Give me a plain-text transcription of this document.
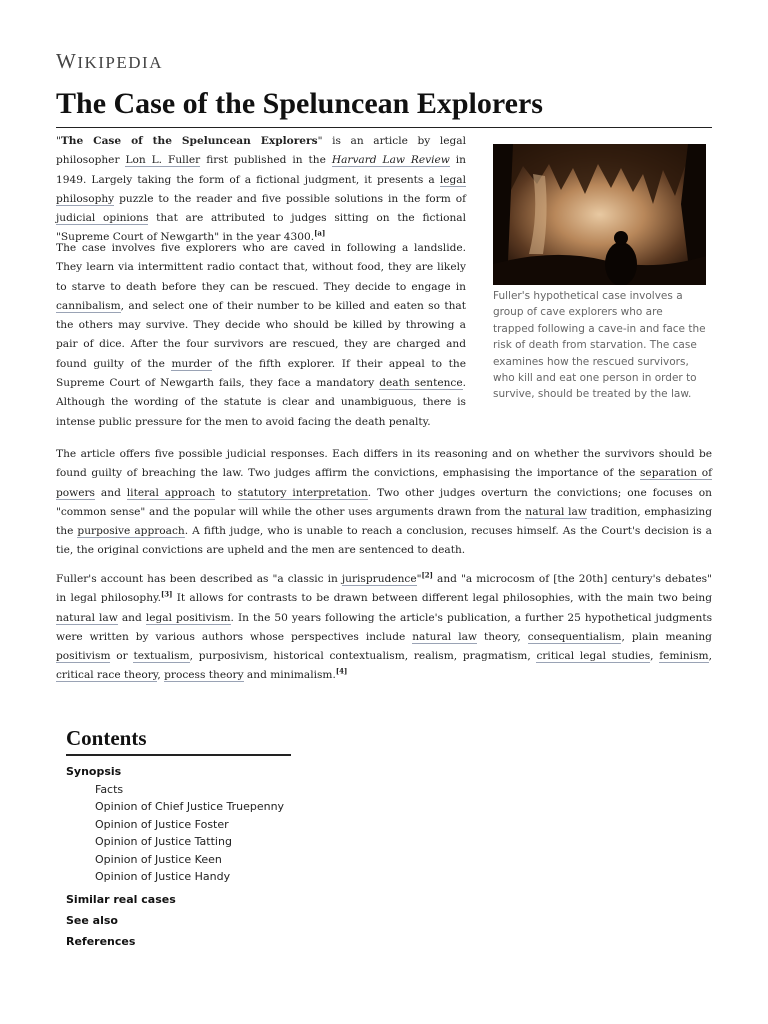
WIKIPEDIA
The Case of the Speluncean Explorers

"The Case of the Speluncean Explorers" is an article by legal philosopher Lon L. Fuller first published in the Harvard Law Review in 1949. Largely taking the form of a fictional judgment, it presents a legal philosophy puzzle to the reader and five possible solutions in the form of judicial opinions that are attributed to judges sitting on the fictional "Supreme Court of Newgarth" in the year 4300.[a]

The case involves five explorers who are caved in following a landslide. They learn via intermittent radio contact that, without food, they are likely to starve to death before they can be rescued. They decide to engage in cannibalism, and select one of their number to be killed and eaten so that the others may survive. They decide who should be killed by throwing a pair of dice. After the four survivors are rescued, they are charged and found guilty of the murder of the fifth explorer. If their appeal to the Supreme Court of Newgarth fails, they face a mandatory death sentence. Although the wording of the statute is clear and unambiguous, there is intense public pressure for the men to avoid facing the death penalty.

Fuller's hypothetical case involves a group of cave explorers who are trapped following a cave-in and face the risk of death from starvation. The case examines how the rescued survivors, who kill and eat one person in order to survive, should be treated by the law.

The article offers five possible judicial responses. Each differs in its reasoning and on whether the survivors should be found guilty of breaching the law. Two judges affirm the convictions, emphasising the importance of the separation of powers and literal approach to statutory interpretation. Two other judges overturn the convictions; one focuses on "common sense" and the popular will while the other uses arguments drawn from the natural law tradition, emphasizing the purposive approach. A fifth judge, who is unable to reach a conclusion, recuses himself. As the Court's decision is a tie, the original convictions are upheld and the men are sentenced to death.

Fuller's account has been described as "a classic in jurisprudence"[2] and "a microcosm of [the 20th] century's debates" in legal philosophy.[3] It allows for contrasts to be drawn between different legal philosophies, with the main two being natural law and legal positivism. In the 50 years following the article's publication, a further 25 hypothetical judgments were written by various authors whose perspectives include natural law theory, consequentialism, plain meaning positivism or textualism, purposivism, historical contextualism, realism, pragmatism, critical legal studies, feminism, critical race theory, process theory and minimalism.[4]

Contents
Synopsis
Facts
Opinion of Chief Justice Truepenny
Opinion of Justice Foster
Opinion of Justice Tatting
Opinion of Justice Keen
Opinion of Justice Handy
Similar real cases
See also
References
